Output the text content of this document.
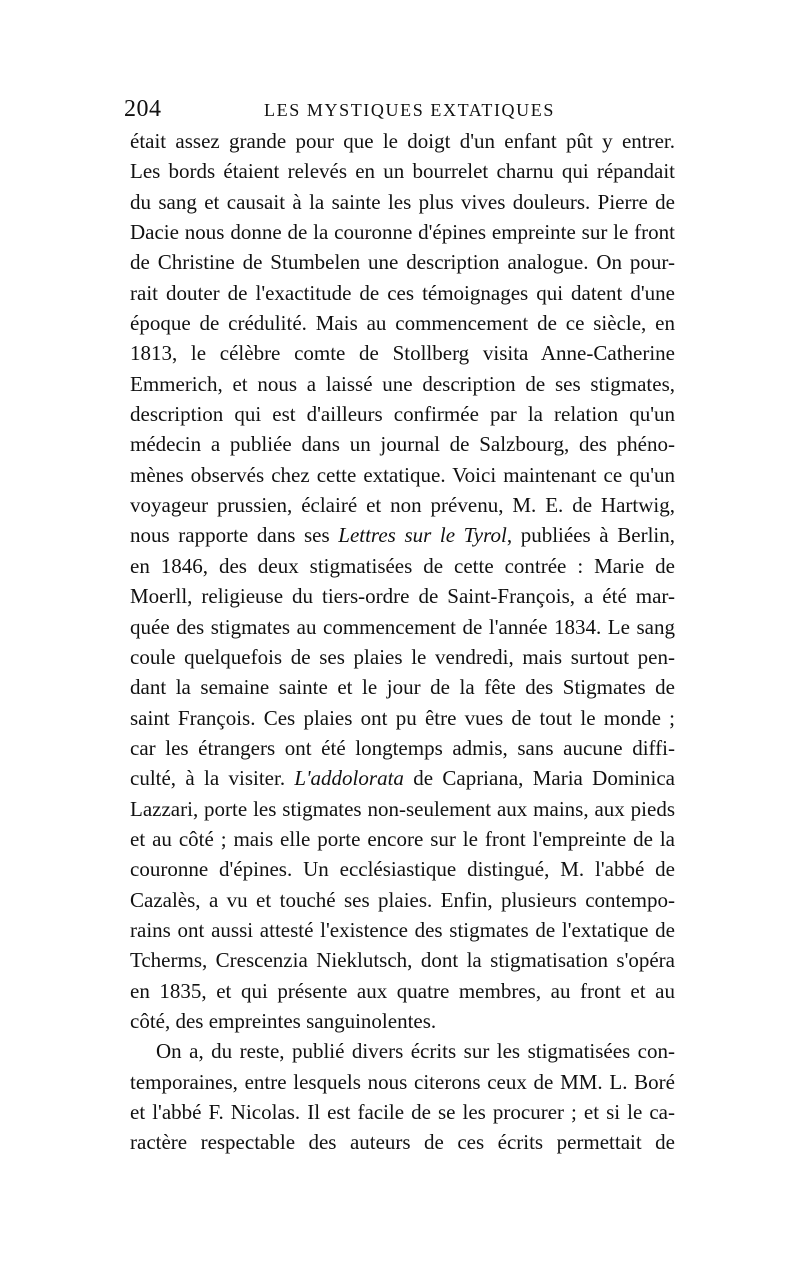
204	LES MYSTIQUES EXTATIQUES
était assez grande pour que le doigt d'un enfant pût y entrer.
Les bords étaient relevés en un bourrelet charnu qui répandait
du sang et causait à la sainte les plus vives douleurs. Pierre de
Dacie nous donne de la couronne d'épines empreinte sur le front
de Christine de Stumbelen une description analogue. On pour-
rait douter de l'exactitude de ces témoignages qui datent d'une
époque de crédulité. Mais au commencement de ce siècle, en
1813, le célèbre comte de Stollberg visita Anne-Catherine
Emmerich, et nous a laissé une description de ses stigmates,
description qui est d'ailleurs confirmée par la relation qu'un
médecin a publiée dans un journal de Salzbourg, des phéno-
mènes observés chez cette extatique. Voici maintenant ce qu'un
voyageur prussien, éclairé et non prévenu, M. E. de Hartwig,
nous rapporte dans ses Lettres sur le Tyrol, publiées à Berlin,
en 1846, des deux stigmatisées de cette contrée : Marie de
Moerll, religieuse du tiers-ordre de Saint-François, a été mar-
quée des stigmates au commencement de l'année 1834. Le sang
coule quelquefois de ses plaies le vendredi, mais surtout pen-
dant la semaine sainte et le jour de la fête des Stigmates de
saint François. Ces plaies ont pu être vues de tout le monde ;
car les étrangers ont été longtemps admis, sans aucune diffi-
culté, à la visiter. L'addolorata de Capriana, Maria Dominica
Lazzari, porte les stigmates non-seulement aux mains, aux pieds
et au côté ; mais elle porte encore sur le front l'empreinte de la
couronne d'épines. Un ecclésiastique distingué, M. l'abbé de
Cazalès, a vu et touché ses plaies. Enfin, plusieurs contempo-
rains ont aussi attesté l'existence des stigmates de l'extatique de
Tcherms, Crescenzia Nieklutsch, dont la stigmatisation s'opéra
en 1835, et qui présente aux quatre membres, au front et au
côté, des empreintes sanguinolentes.
On a, du reste, publié divers écrits sur les stigmatisées con-
temporaines, entre lesquels nous citerons ceux de MM. L. Boré
et l'abbé F. Nicolas. Il est facile de se les procurer ; et si le ca-
ractère respectable des auteurs de ces écrits permettait de
